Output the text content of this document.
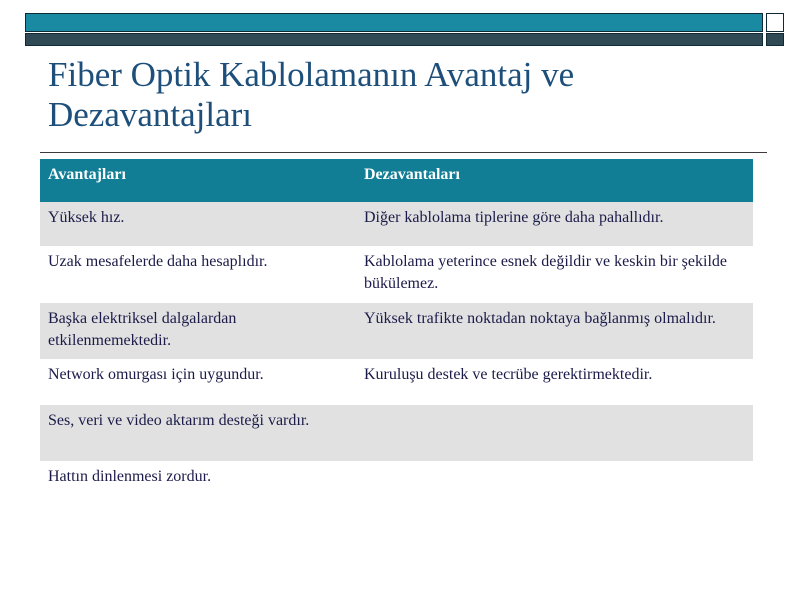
Fiber Optik Kablolamanın Avantaj ve Dezavantajları
Avantajları	Dezavantaları
Yüksek hız.	Diğer kablolama tiplerine göre daha pahallıdır.
Uzak mesafelerde daha hesaplıdır.	Kablolama yeterince esnek değildir ve keskin bir şekilde bükülemez.
Başka elektriksel dalgalardan etkilenmemektedir.	Yüksek trafikte noktadan noktaya bağlanmış olmalıdır.
Network omurgası için uygundur.	Kuruluşu destek ve tecrübe gerektirmektedir.
Ses, veri ve video aktarım desteği vardır.	
Hattın dinlenmesi zordur.	
